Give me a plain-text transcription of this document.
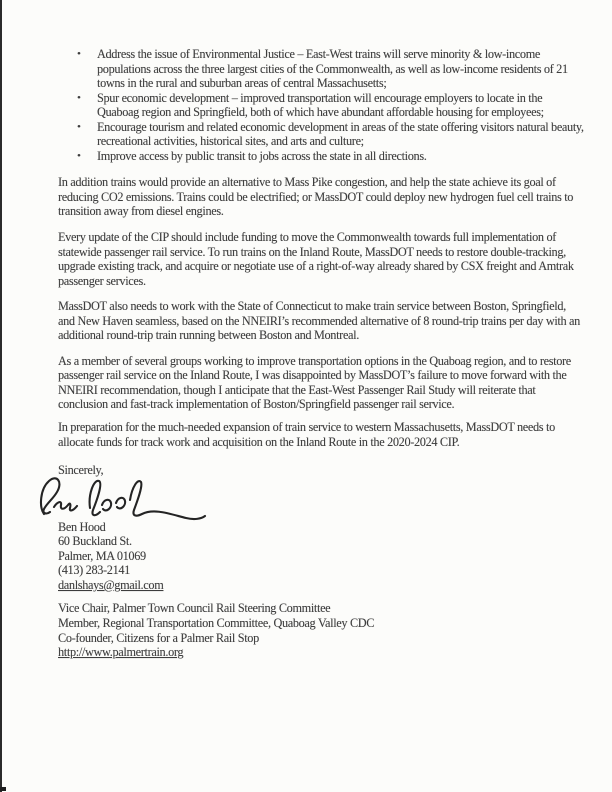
•	Address the issue of Environmental Justice – East-West trains will serve minority & low-income populations across the three largest cities of the Commonwealth, as well as low-income residents of 21 towns in the rural and suburban areas of central Massachusetts;
•	Spur economic development – improved transportation will encourage employers to locate in the Quaboag region and Springfield, both of which have abundant affordable housing for employees;
•	Encourage tourism and related economic development in areas of the state offering visitors natural beauty, recreational activities, historical sites, and arts and culture;
•	Improve access by public transit to jobs across the state in all directions.

In addition trains would provide an alternative to Mass Pike congestion, and help the state achieve its goal of reducing CO2 emissions. Trains could be electrified; or MassDOT could deploy new hydrogen fuel cell trains to transition away from diesel engines.

Every update of the CIP should include funding to move the Commonwealth towards full implementation of statewide passenger rail service. To run trains on the Inland Route, MassDOT needs to restore double-tracking, upgrade existing track, and acquire or negotiate use of a right-of-way already shared by CSX freight and Amtrak passenger services.

MassDOT also needs to work with the State of Connecticut to make train service between Boston, Springfield, and New Haven seamless, based on the NNEIRI’s recommended alternative of 8 round-trip trains per day with an additional round-trip train running between Boston and Montreal.

As a member of several groups working to improve transportation options in the Quaboag region, and to restore passenger rail service on the Inland Route, I was disappointed by MassDOT’s failure to move forward with the NNEIRI recommendation, though I anticipate that the East-West Passenger Rail Study will reiterate that conclusion and fast-track implementation of Boston/Springfield passenger rail service.

In preparation for the much-needed expansion of train service to western Massachusetts, MassDOT needs to allocate funds for track work and acquisition on the Inland Route in the 2020-2024 CIP.

Sincerely,

Ben Hood
60 Buckland St.
Palmer, MA 01069
(413) 283-2141
danlshays@gmail.com
Vice Chair, Palmer Town Council Rail Steering Committee
Member, Regional Transportation Committee, Quaboag Valley CDC
Co-founder, Citizens for a Palmer Rail Stop
http://www.palmertrain.org
